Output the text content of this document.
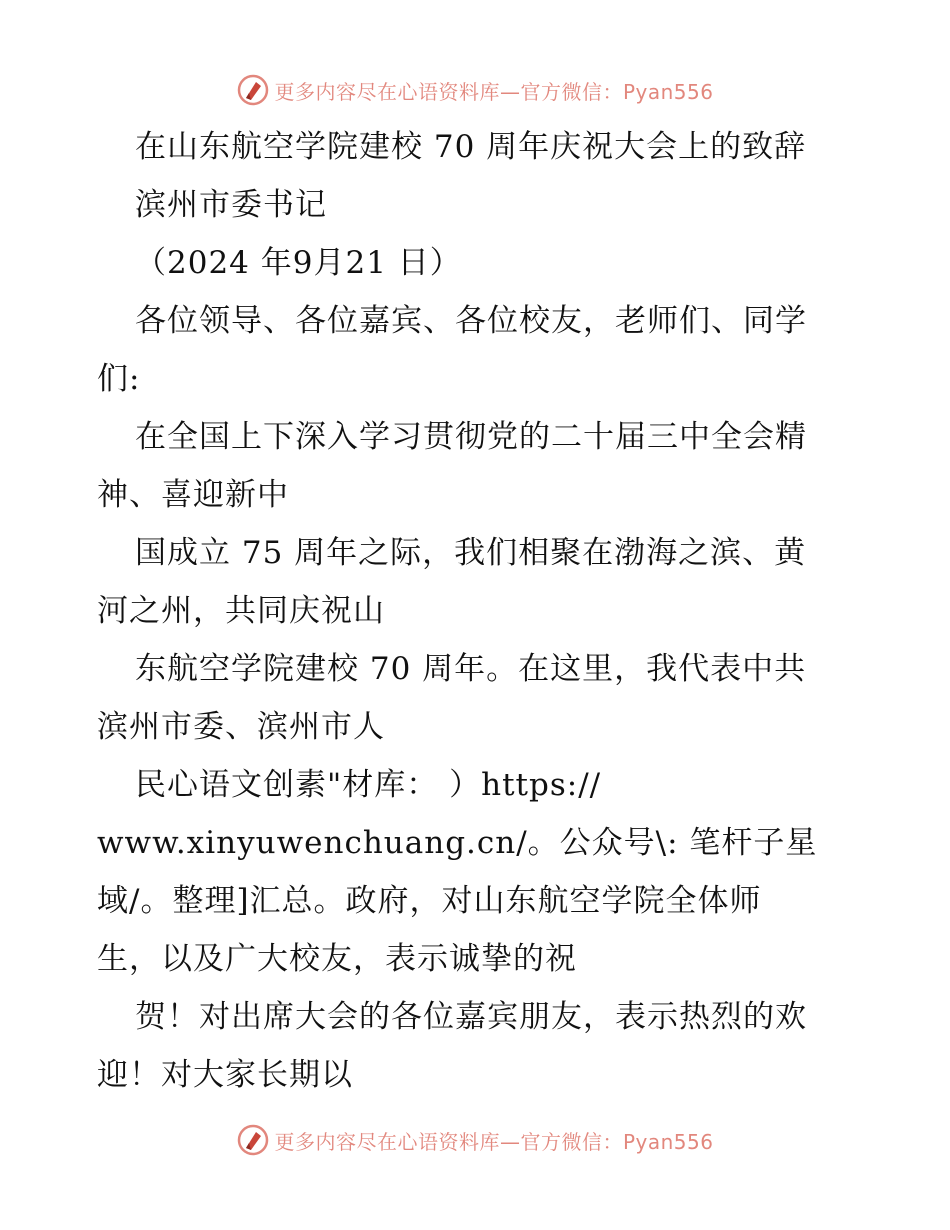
更多内容尽在心语资料库—官方微信：Pyan556
在山东航空学院建校 70 周年庆祝大会上的致辞
滨州市委书记
（2024 年9月21 日）
各位领导、各位嘉宾、各位校友，老师们、同学
们:
在全国上下深入学习贯彻党的二十届三中全会精
神、喜迎新中
国成立 75 周年之际，我们相聚在渤海之滨、黄
河之州，共同庆祝山
东航空学院建校 70 周年。在这里，我代表中共
滨州市委、滨州市人
民心语文创素"材库： ）https://
www.xinyuwenchuang.cn/。公众号\: 笔杆子星
域/。整理]汇总。政府，对山东航空学院全体师
生，以及广大校友，表示诚挚的祝
贺！对出席大会的各位嘉宾朋友，表示热烈的欢
迎！对大家长期以
更多内容尽在心语资料库—官方微信：Pyan556
